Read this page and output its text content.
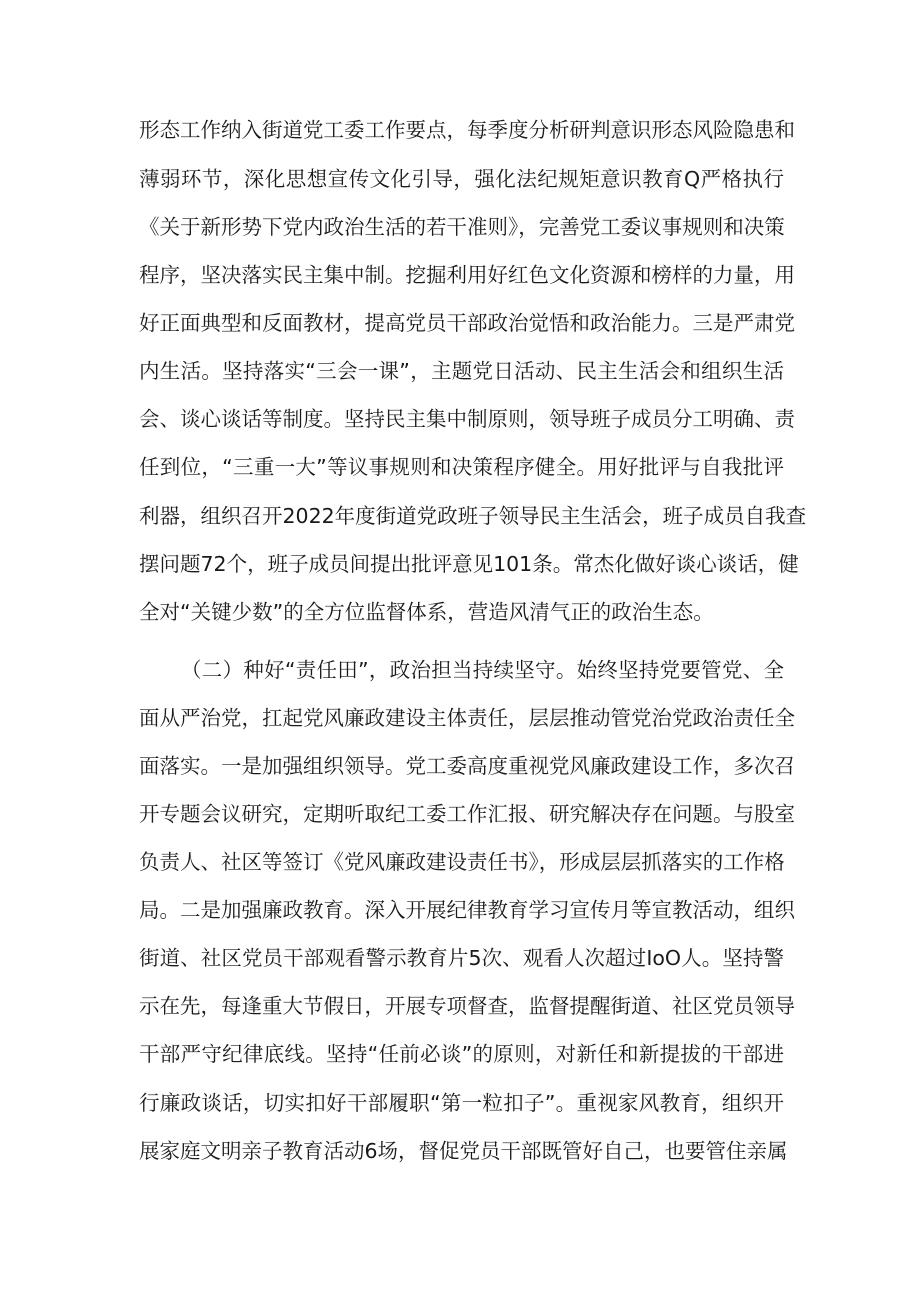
形态工作纳入街道党工委工作要点，每季度分析研判意识形态风险隐患和
薄弱环节，深化思想宣传文化引导，强化法纪规矩意识教育Q严格执行
《关于新形势下党内政治生活的若干准则》，完善党工委议事规则和决策
程序，坚决落实民主集中制。挖掘利用好红色文化资源和榜样的力量，用
好正面典型和反面教材，提高党员干部政治觉悟和政治能力。三是严肃党
内生活。坚持落实“三会一课”，主题党日活动、民主生活会和组织生活
会、谈心谈话等制度。坚持民主集中制原则，领导班子成员分工明确、责
任到位，“三重一大”等议事规则和决策程序健全。用好批评与自我批评
利器，组织召开2022年度街道党政班子领导民主生活会，班子成员自我查
摆问题72个，班子成员间提出批评意见101条。常杰化做好谈心谈话，健
全对“关键少数”的全方位监督体系，营造风清气正的政治生态。
（二）种好“责任田”，政治担当持续坚守。始终坚持党要管党、全
面从严治党，扛起党风廉政建设主体责任，层层推动管党治党政治责任全
面落实。一是加强组织领导。党工委高度重视党风廉政建设工作，多次召
开专题会议研究，定期听取纪工委工作汇报、研究解决存在问题。与股室
负责人、社区等签订《党风廉政建设责任书》，形成层层抓落实的工作格
局。二是加强廉政教育。深入开展纪律教育学习宣传月等宣教活动，组织
街道、社区党员干部观看警示教育片5次、观看人次超过IoO人。坚持警
示在先，每逢重大节假日，开展专项督查，监督提醒街道、社区党员领导
干部严守纪律底线。坚持“任前必谈”的原则，对新任和新提拔的干部进
行廉政谈话，切实扣好干部履职“第一粒扣子”。重视家风教育，组织开
展家庭文明亲子教育活动6场，督促党员干部既管好自己，也要管住亲属
